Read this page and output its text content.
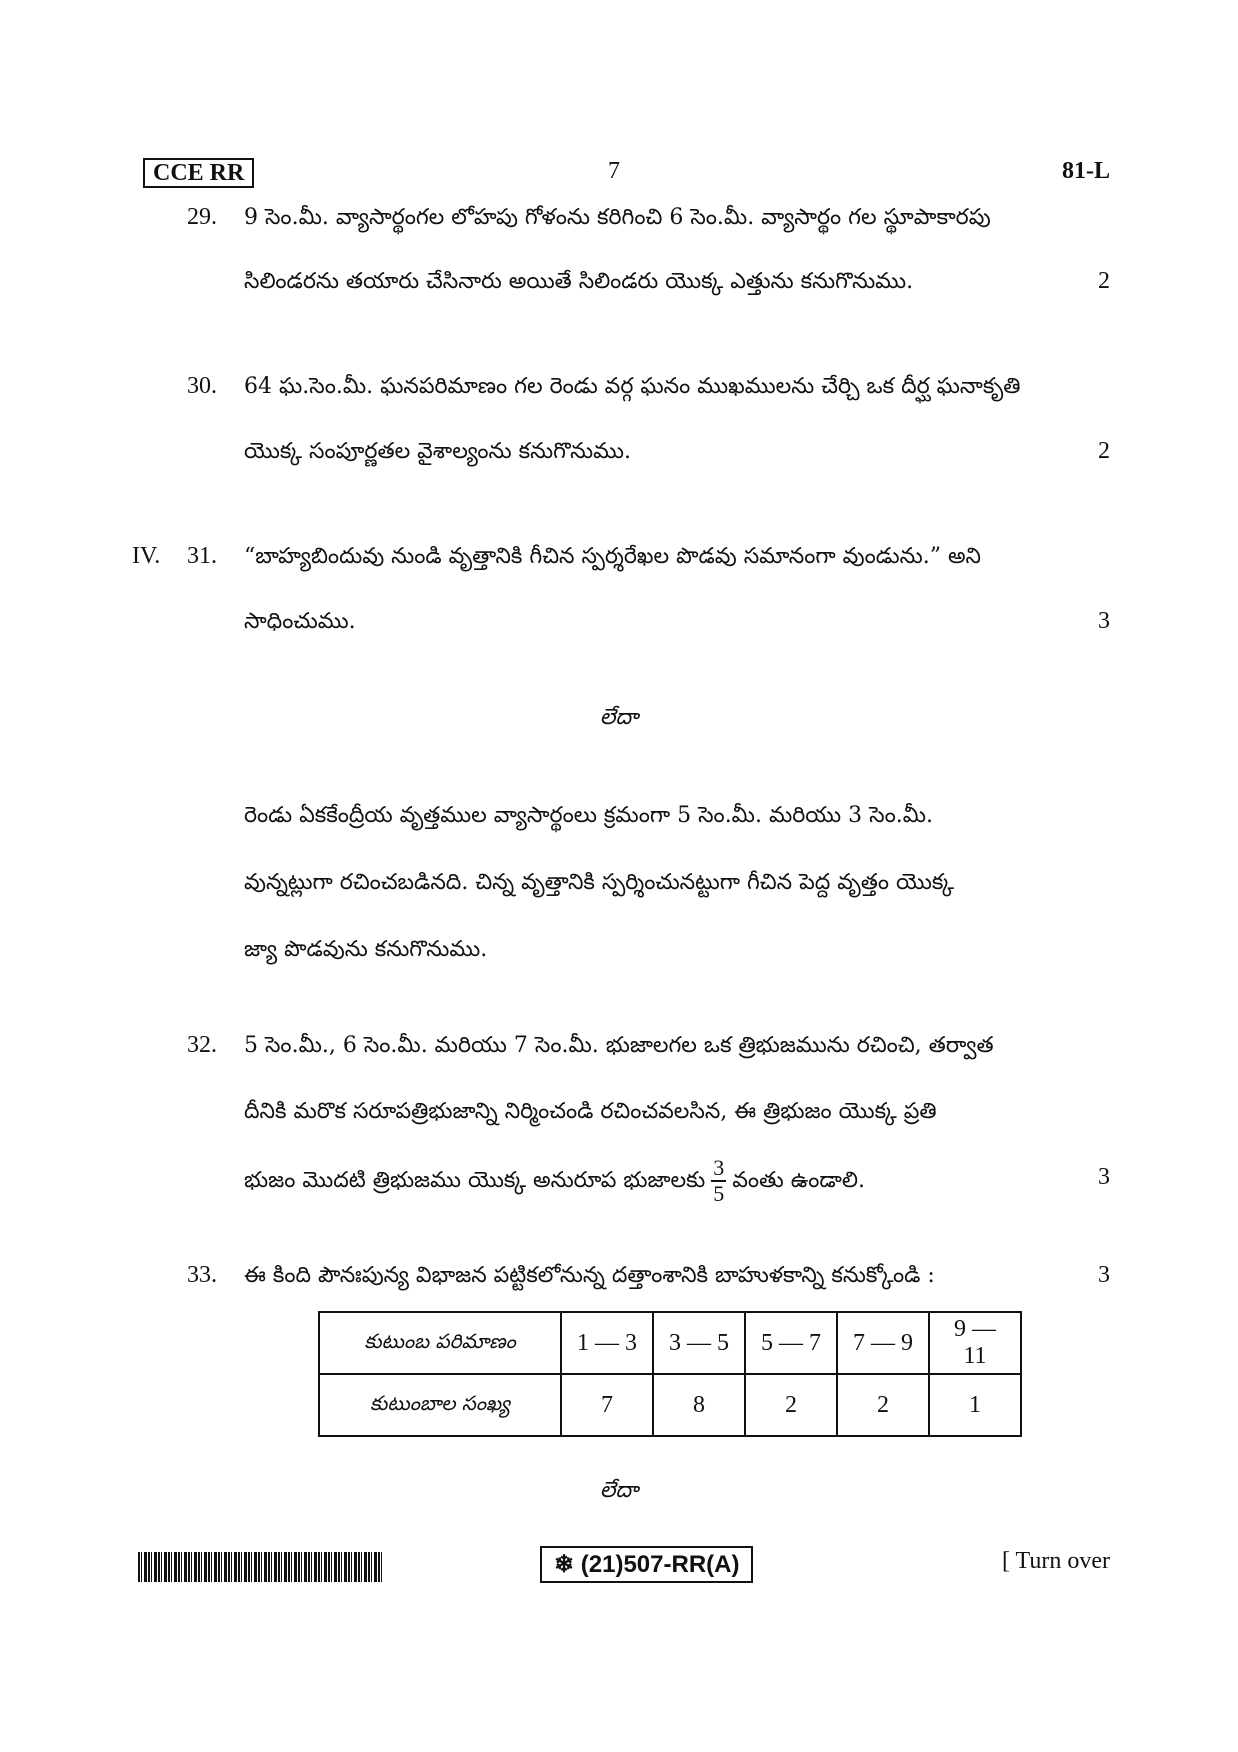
CCE RR	7	81-L
29. 9 సెం.మీ. వ్యాసార్థంగల లోహపు గోళంను కరిగించి 6 సెం.మీ. వ్యాసార్థం గల స్థూపాకారపు
సిలిండరను తయారు చేసినారు అయితే సిలిండరు యొక్క ఎత్తును కనుగొనుము.	2
30. 64 ఘ.సెం.మీ. ఘనపరిమాణం గల రెండు వర్గ ఘనం ముఖములను చేర్చి ఒక దీర్ఘ ఘనాకృతి
యొక్క సంపూర్ణతల వైశాల్యంను కనుగొనుము.	2
IV. 31. “బాహ్యబిందువు నుండి వృత్తానికి గీచిన స్పర్శరేఖల పొడవు సమానంగా వుండును.” అని
సాధించుము.	3
లేదా
రెండు ఏకకేంద్రీయ వృత్తముల వ్యాసార్థంలు క్రమంగా 5 సెం.మీ. మరియు 3 సెం.మీ.
వున్నట్లుగా రచించబడినది. చిన్న వృత్తానికి స్పర్శించునట్టుగా గీచిన పెద్ద వృత్తం యొక్క
జ్యా పొడవును కనుగొనుము.
32. 5 సెం.మీ., 6 సెం.మీ. మరియు 7 సెం.మీ. భుజాలగల ఒక త్రిభుజమును రచించి, తర్వాత
దీనికి మరొక సరూపత్రిభుజాన్ని నిర్మించండి రచించవలసిన, ఈ త్రిభుజం యొక్క ప్రతి
భుజం మొదటి త్రిభుజము యొక్క అనురూప భుజాలకు $\frac{3}{5}$ వంతు ఉండాలి.	3
33. ఈ కింది పౌనఃపున్య విభాజన పట్టికలోనున్న దత్తాంశానికి బాహుళకాన్ని కనుక్కోండి :	3
కుటుంబ పరిమాణం	1 — 3	3 — 5	5 — 7	7 — 9	9 — 11
కుటుంబాల సంఖ్య	7	8	2	2	1
లేదా
❄ (21)507-RR(A)	[ Turn over
